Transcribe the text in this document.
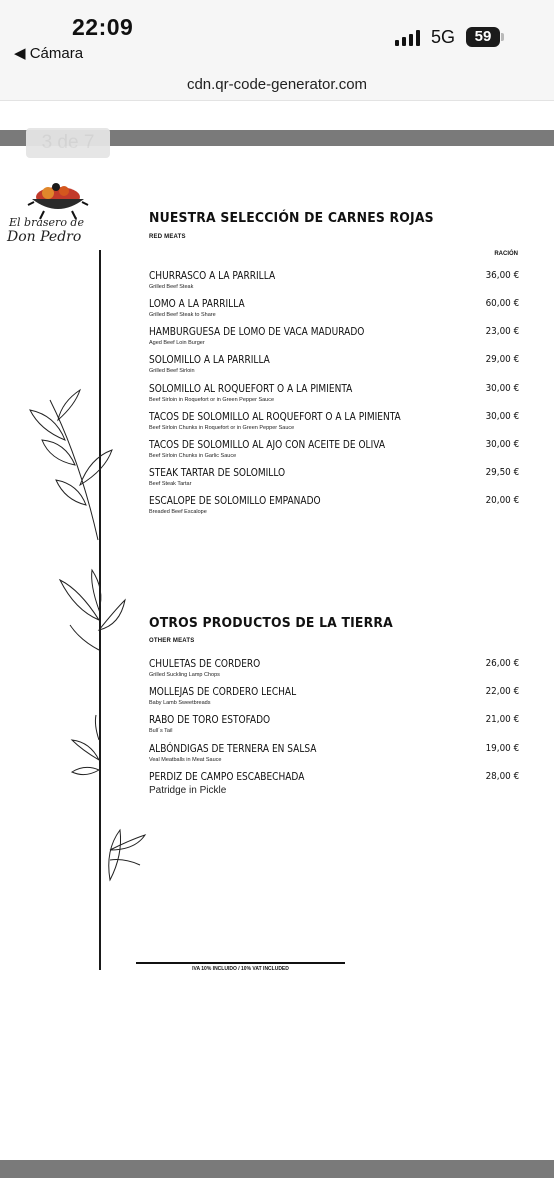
22:09
◀ Cámara
5G	59
cdn.qr-code-generator.com
3 de 7
El brasero de
Don Pedro
NUESTRA SELECCIÓN DE CARNES ROJAS
RED MEATS
RACIÓN
CHURRASCO A LA PARRILLA
Grilled Beef Steak
36,00 €
LOMO A LA PARRILLA
Grilled Beef Steak to Share
60,00 €
HAMBURGUESA DE LOMO DE VACA MADURADO
Aged Beef Loin Burger
23,00 €
SOLOMILLO A LA PARRILLA
Grilled Beef Sirloin
29,00 €
SOLOMILLO AL ROQUEFORT O A LA PIMIENTA
Beef Sirloin in Roquefort or in Green Pepper Sauce
30,00 €
TACOS DE SOLOMILLO AL ROQUEFORT O A LA PIMIENTA
Beef Sirloin Chunks in Roquefort or in Green Pepper Sauce
30,00 €
TACOS DE SOLOMILLO AL AJO CON ACEITE DE OLIVA
Beef Sirloin Chunks in Garlic Sauce
30,00 €
STEAK TARTAR DE SOLOMILLO
Beef Steak Tartar
29,50 €
ESCALOPE DE SOLOMILLO EMPANADO
Breaded Beef Escalope
20,00 €
OTROS PRODUCTOS DE LA TIERRA
OTHER MEATS
CHULETAS DE CORDERO
Grilled Suckling Lamp Chops
26,00 €
MOLLEJAS DE CORDERO LECHAL
Baby Lamb Sweetbreads
22,00 €
RABO DE TORO ESTOFADO
Bull´s Tail
21,00 €
ALBÓNDIGAS DE TERNERA EN SALSA
Veal Meatballs in Meat Sauce
19,00 €
PERDIZ DE CAMPO ESCABECHADA
Patridge in Pickle
28,00 €
IVA 10% INCLUIDO / 10% VAT INCLUDED
